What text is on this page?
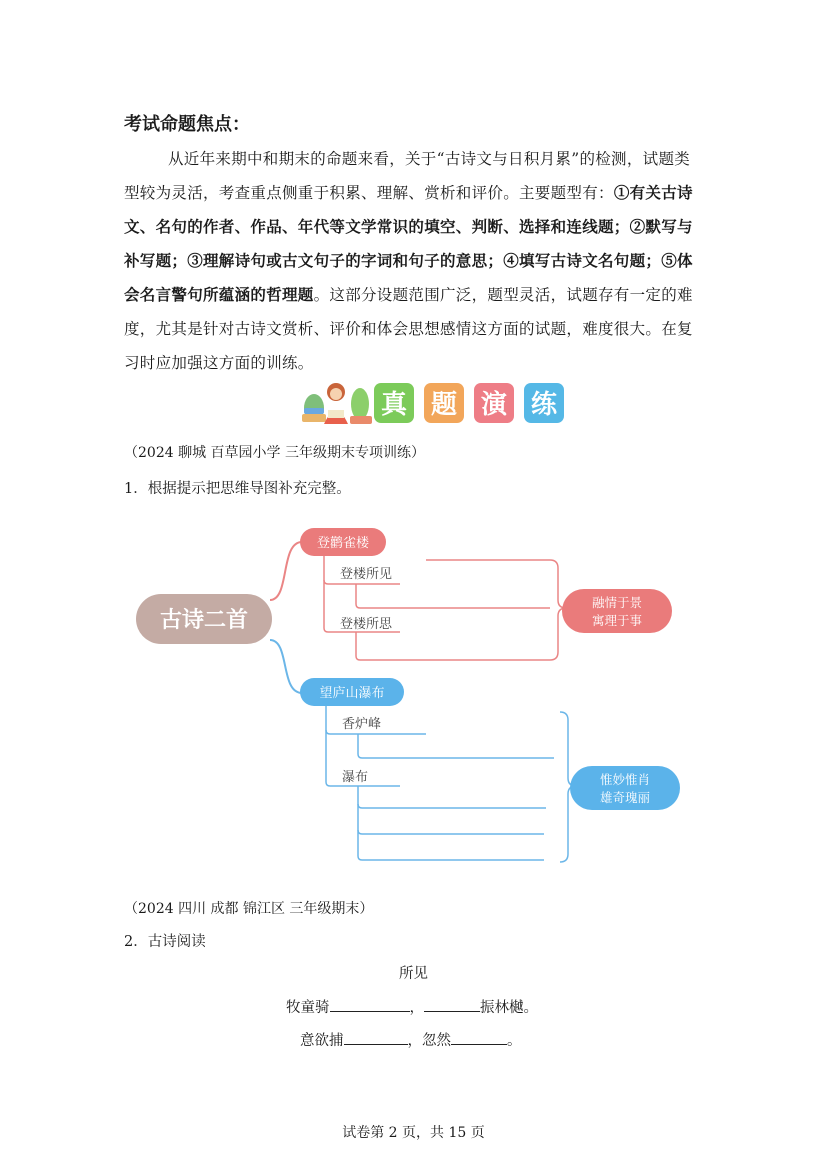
考试命题焦点：
从近年来期中和期末的命题来看，关于“古诗文与日积月累”的检测，试题类型较为灵活，考查重点侧重于积累、理解、赏析和评价。主要题型有：①有关古诗文、名句的作者、作品、年代等文学常识的填空、判断、选择和连线题；②默写与补写题；③理解诗句或古文句子的字词和句子的意思；④填写古诗文名句题；⑤体会名言警句所蕴涵的哲理题。这部分设题范围广泛，题型灵活，试题存有一定的难度，尤其是针对古诗文赏析、评价和体会思想感情这方面的试题，难度很大。在复习时应加强这方面的训练。
真 题 演 练
（2024 聊城 百草园小学 三年级期末专项训练）
1．根据提示把思维导图补充完整。
古诗二首
登鹳雀楼
登楼所见
登楼所思
融情于景
寓理于事
望庐山瀑布
香炉峰
瀑布	惟妙惟肖
雄奇瑰丽
（2024 四川 成都 锦江区 三年级期末）
2．古诗阅读
所见
牧童骑	，	振林樾。
意欲捕	，忽然	。
试卷第 2 页，共 15 页
